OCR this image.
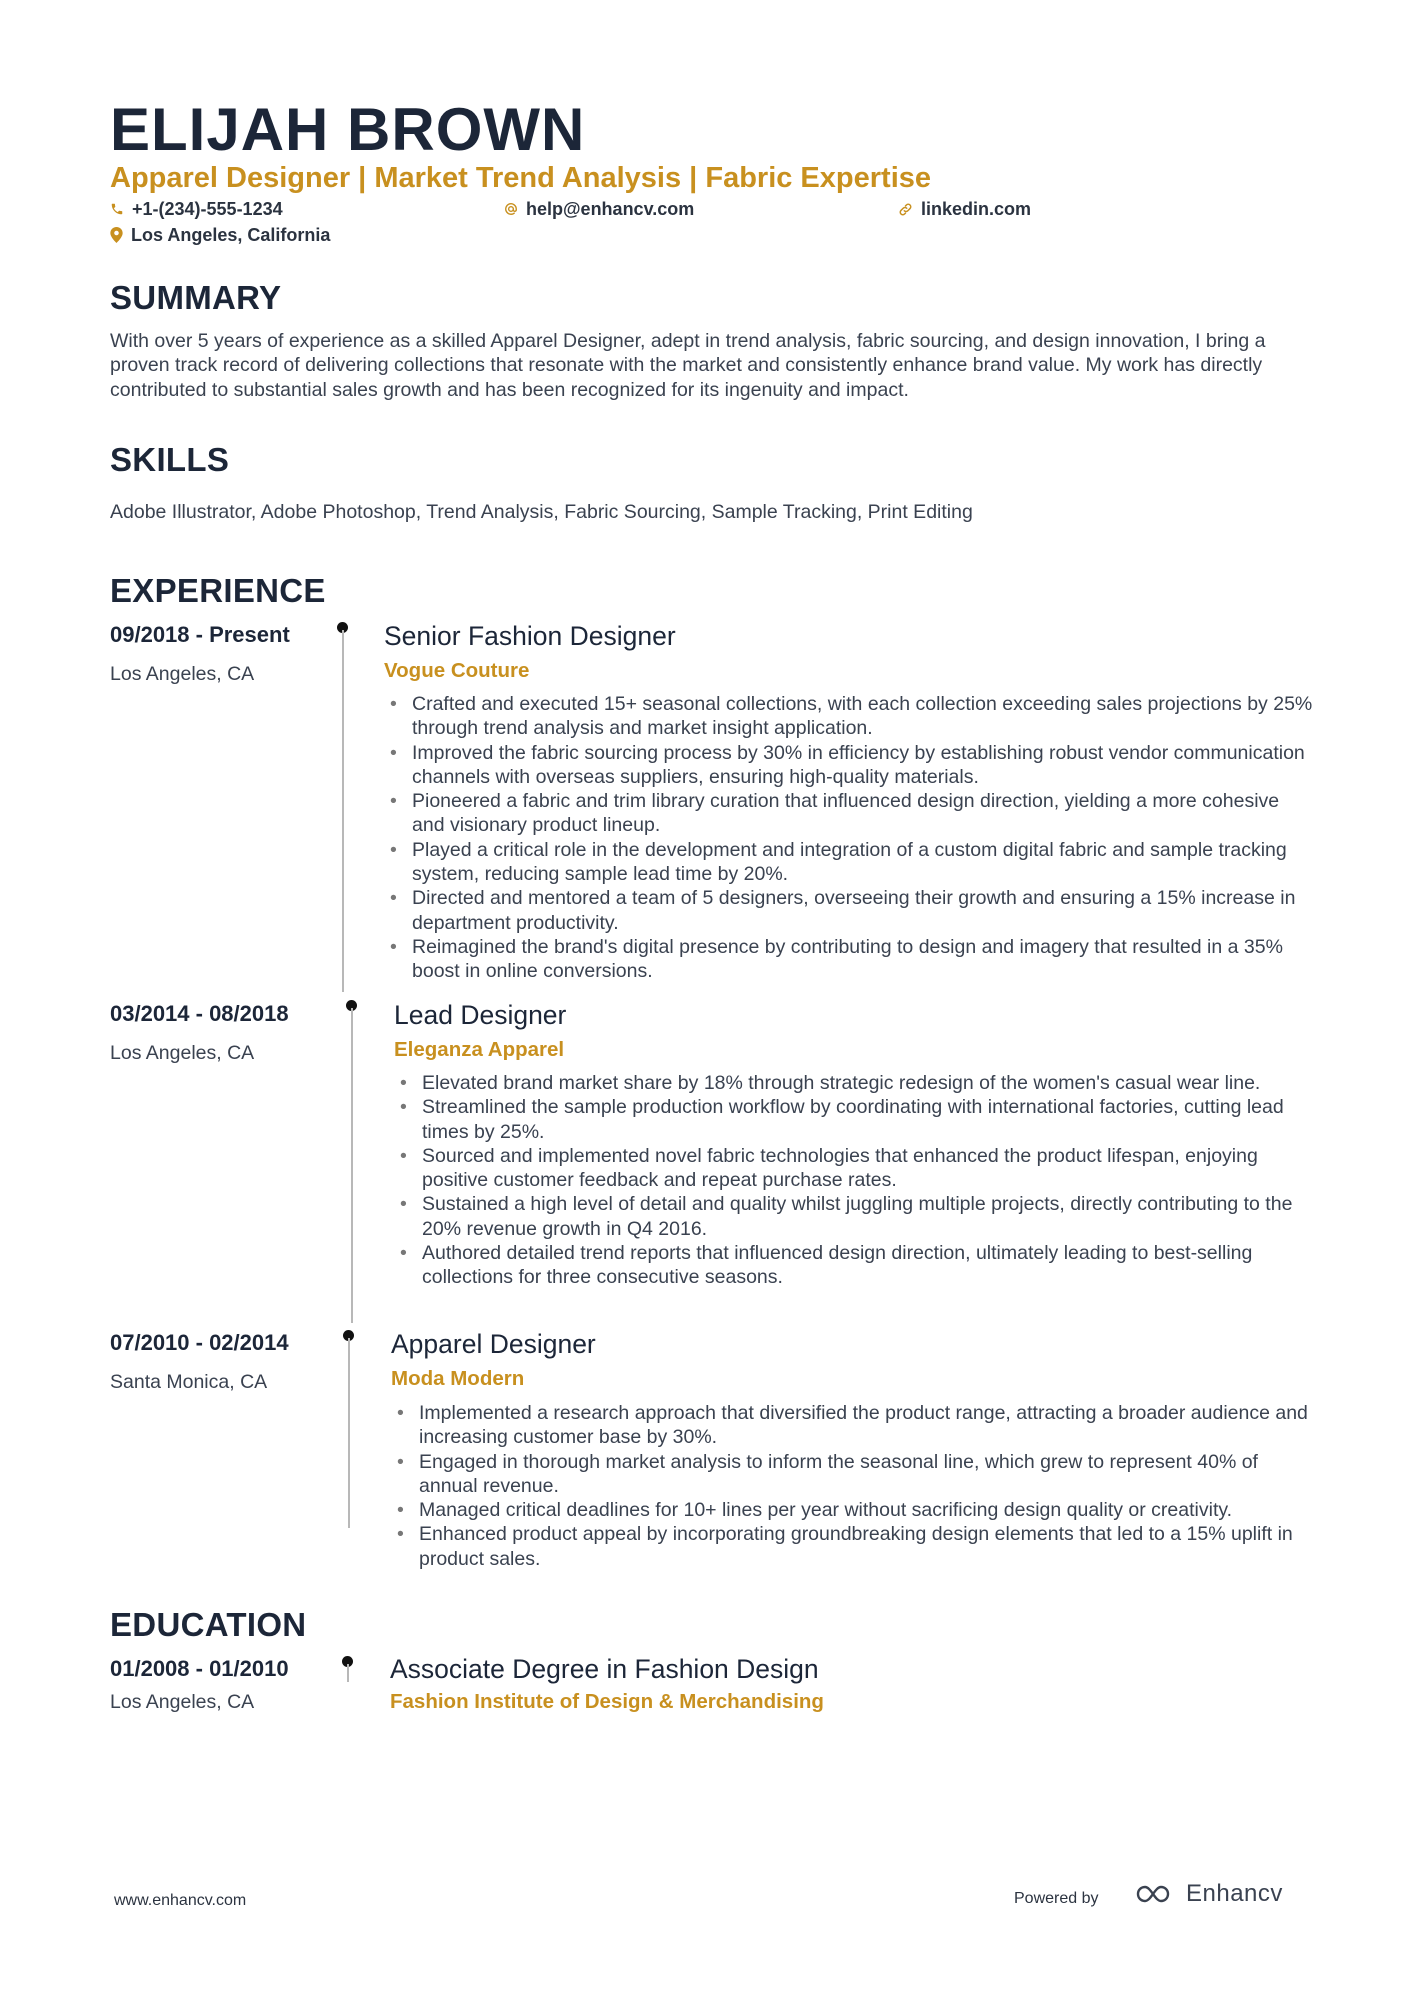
ELIJAH BROWN
Apparel Designer | Market Trend Analysis | Fabric Expertise
+1-(234)-555-1234	help@enhancv.com	linkedin.com
Los Angeles, California
SUMMARY

With over 5 years of experience as a skilled Apparel Designer, adept in trend analysis, fabric sourcing, and design innovation, I bring a proven track record of delivering collections that resonate with the market and consistently enhance brand value. My work has directly contributed to substantial sales growth and has been recognized for its ingenuity and impact.

SKILLS

Adobe Illustrator, Adobe Photoshop, Trend Analysis, Fabric Sourcing, Sample Tracking, Print Editing

EXPERIENCE
09/2018 - Present
Los Angeles, CA
Senior Fashion Designer
Vogue Couture
• Crafted and executed 15+ seasonal collections, with each collection exceeding sales projections by 25% through trend analysis and market insight application.
• Improved the fabric sourcing process by 30% in efficiency by establishing robust vendor communication channels with overseas suppliers, ensuring high-quality materials.
• Pioneered a fabric and trim library curation that influenced design direction, yielding a more cohesive and visionary product lineup.
• Played a critical role in the development and integration of a custom digital fabric and sample tracking system, reducing sample lead time by 20%.
• Directed and mentored a team of 5 designers, overseeing their growth and ensuring a 15% increase in department productivity.
• Reimagined the brand's digital presence by contributing to design and imagery that resulted in a 35% boost in online conversions.
03/2014 - 08/2018
Los Angeles, CA
Lead Designer
Eleganza Apparel
• Elevated brand market share by 18% through strategic redesign of the women's casual wear line.
• Streamlined the sample production workflow by coordinating with international factories, cutting lead times by 25%.
• Sourced and implemented novel fabric technologies that enhanced the product lifespan, enjoying positive customer feedback and repeat purchase rates.
• Sustained a high level of detail and quality whilst juggling multiple projects, directly contributing to the 20% revenue growth in Q4 2016.
• Authored detailed trend reports that influenced design direction, ultimately leading to best-selling collections for three consecutive seasons.
07/2010 - 02/2014
Santa Monica, CA
Apparel Designer
Moda Modern
• Implemented a research approach that diversified the product range, attracting a broader audience and increasing customer base by 30%.
• Engaged in thorough market analysis to inform the seasonal line, which grew to represent 40% of annual revenue.
• Managed critical deadlines for 10+ lines per year without sacrificing design quality or creativity.
• Enhanced product appeal by incorporating groundbreaking design elements that led to a 15% uplift in product sales.
EDUCATION
01/2008 - 01/2010
Los Angeles, CA
Associate Degree in Fashion Design
Fashion Institute of Design & Merchandising
www.enhancv.com	Powered by	Enhancv
